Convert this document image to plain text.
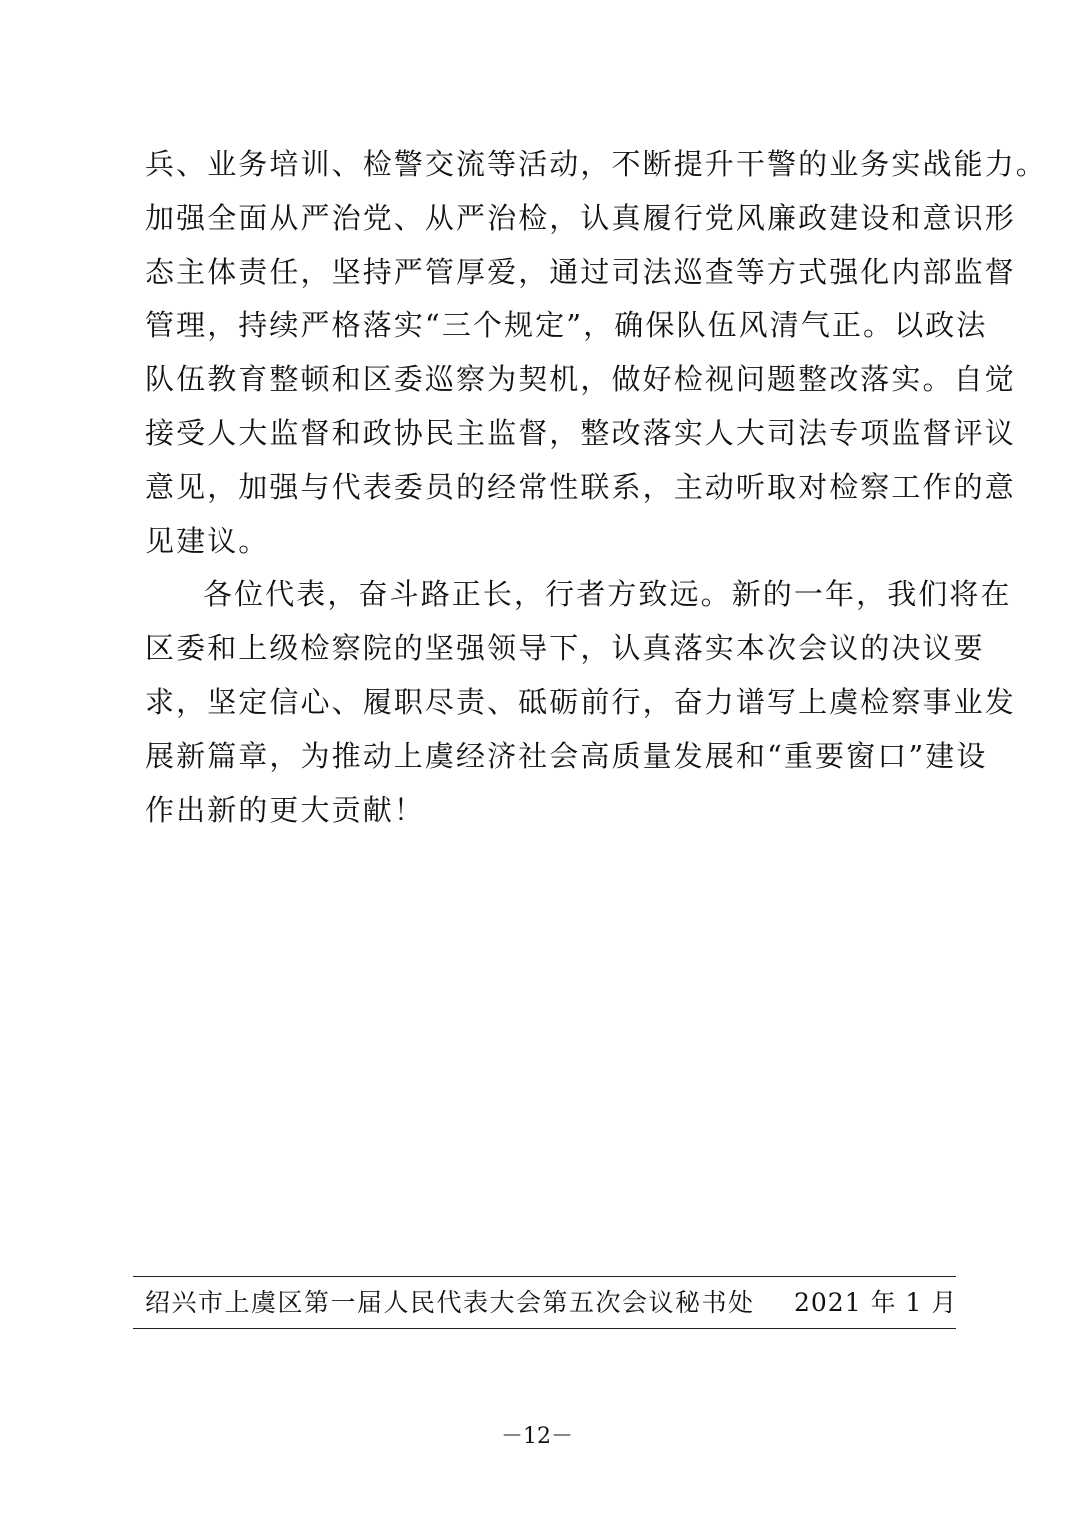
兵、业务培训、检警交流等活动，不断提升干警的业务实战能力。
加强全面从严治党、从严治检，认真履行党风廉政建设和意识形
态主体责任，坚持严管厚爱，通过司法巡查等方式强化内部监督
管理，持续严格落实“三个规定”，确保队伍风清气正。以政法
队伍教育整顿和区委巡察为契机，做好检视问题整改落实。自觉
接受人大监督和政协民主监督，整改落实人大司法专项监督评议
意见，加强与代表委员的经常性联系，主动听取对检察工作的意
见建议。
各位代表，奋斗路正长，行者方致远。新的一年，我们将在
区委和上级检察院的坚强领导下，认真落实本次会议的决议要
求，坚定信心、履职尽责、砥砺前行，奋力谱写上虞检察事业发
展新篇章，为推动上虞经济社会高质量发展和“重要窗口”建设
作出新的更大贡献！
绍兴市上虞区第一届人民代表大会第五次会议秘书处 2021 年 1 月
－12－
